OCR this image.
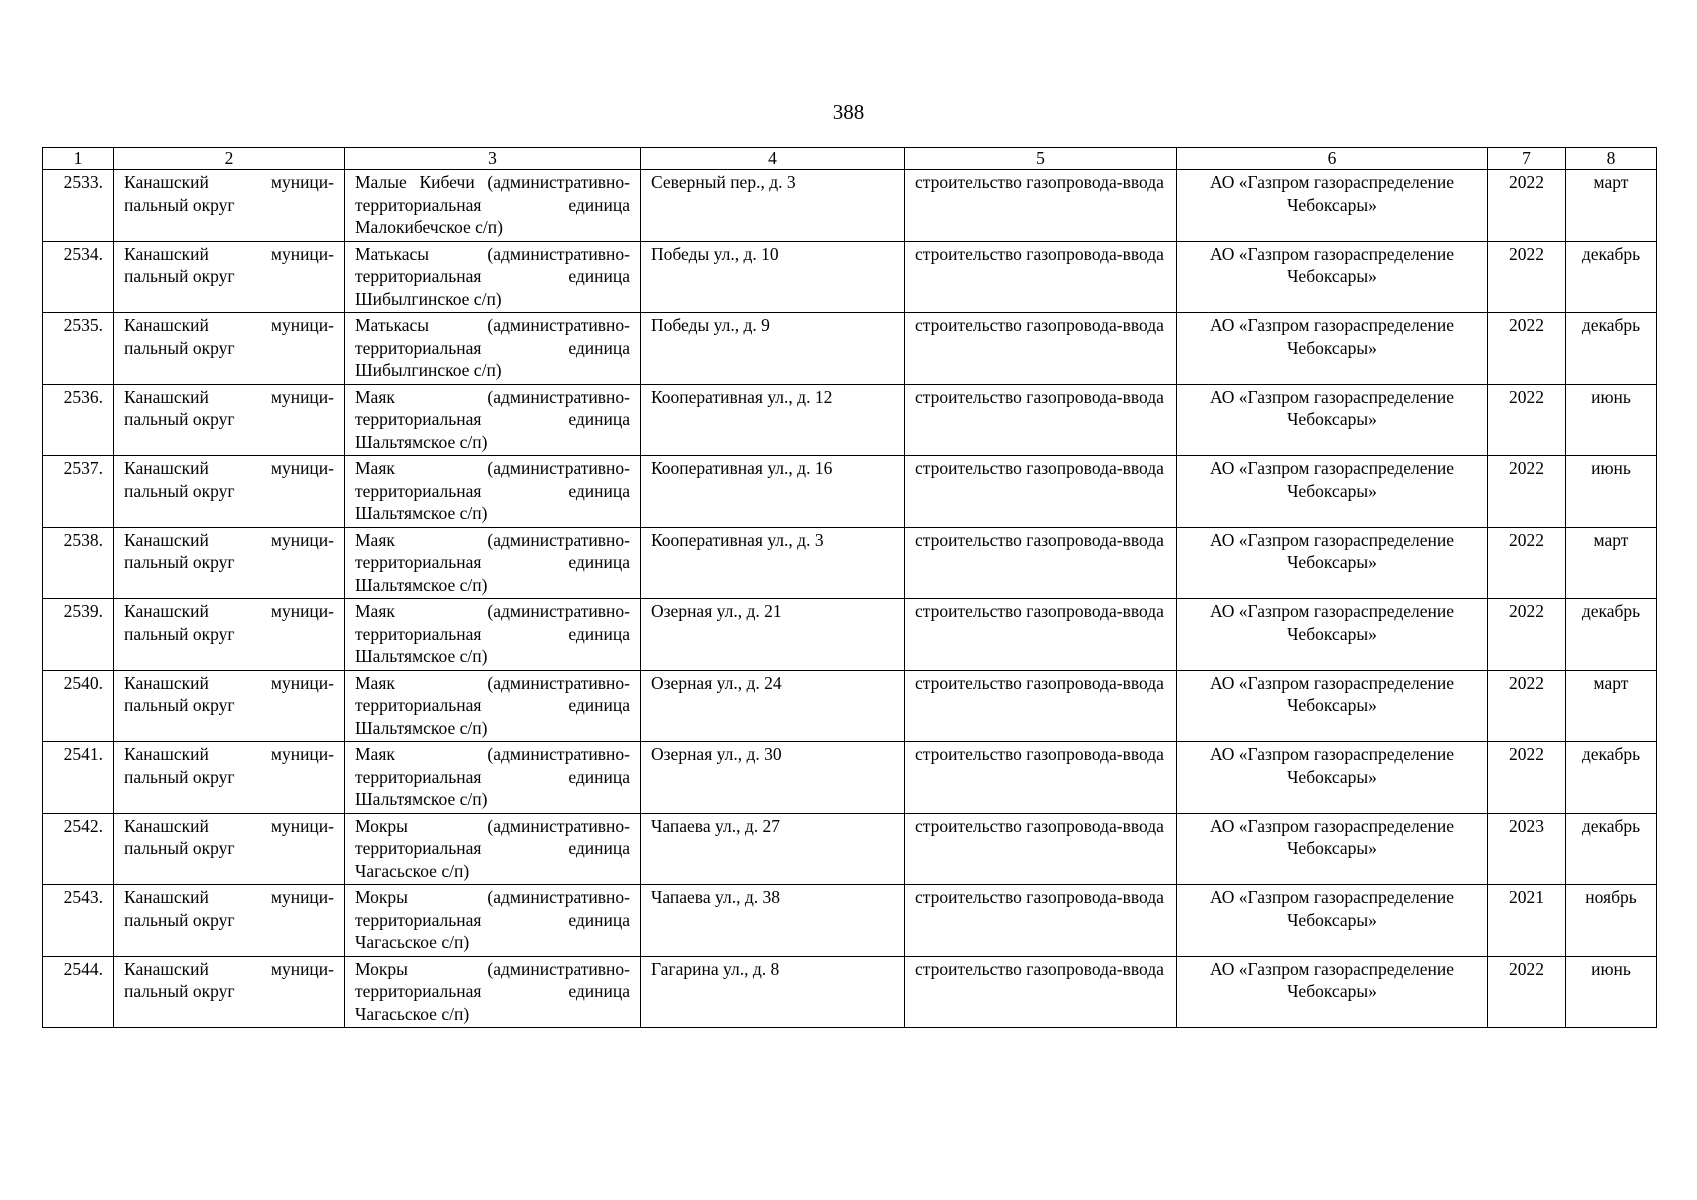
388
1	2	3	4	5	6	7	8
2533.	Канашский муници-пальный округ	Малые Кибечи (административно-территориальная единица Малокибечское с/п)	Северный пер., д. 3	строительство газопровода-ввода	АО «Газпром газораспределение Чебоксары»	2022	март
2534.	Канашский муници-пальный округ	Матькасы (административно-территориальная единица Шибылгинское с/п)	Победы ул., д. 10	строительство газопровода-ввода	АО «Газпром газораспределение Чебоксары»	2022	декабрь
2535.	Канашский муници-пальный округ	Матькасы (административно-территориальная единица Шибылгинское с/п)	Победы ул., д. 9	строительство газопровода-ввода	АО «Газпром газораспределение Чебоксары»	2022	декабрь
2536.	Канашский муници-пальный округ	Маяк (административно-территориальная единица Шальтямское с/п)	Кооперативная ул., д. 12	строительство газопровода-ввода	АО «Газпром газораспределение Чебоксары»	2022	июнь
2537.	Канашский муници-пальный округ	Маяк (административно-территориальная единица Шальтямское с/п)	Кооперативная ул., д. 16	строительство газопровода-ввода	АО «Газпром газораспределение Чебоксары»	2022	июнь
2538.	Канашский муници-пальный округ	Маяк (административно-территориальная единица Шальтямское с/п)	Кооперативная ул., д. 3	строительство газопровода-ввода	АО «Газпром газораспределение Чебоксары»	2022	март
2539.	Канашский муници-пальный округ	Маяк (административно-территориальная единица Шальтямское с/п)	Озерная ул., д. 21	строительство газопровода-ввода	АО «Газпром газораспределение Чебоксары»	2022	декабрь
2540.	Канашский муници-пальный округ	Маяк (административно-территориальная единица Шальтямское с/п)	Озерная ул., д. 24	строительство газопровода-ввода	АО «Газпром газораспределение Чебоксары»	2022	март
2541.	Канашский муници-пальный округ	Маяк (административно-территориальная единица Шальтямское с/п)	Озерная ул., д. 30	строительство газопровода-ввода	АО «Газпром газораспределение Чебоксары»	2022	декабрь
2542.	Канашский муници-пальный округ	Мокры (административно-территориальная единица Чагасьское с/п)	Чапаева ул., д. 27	строительство газопровода-ввода	АО «Газпром газораспределение Чебоксары»	2023	декабрь
2543.	Канашский муници-пальный округ	Мокры (административно-территориальная единица Чагасьское с/п)	Чапаева ул., д. 38	строительство газопровода-ввода	АО «Газпром газораспределение Чебоксары»	2021	ноябрь
2544.	Канашский муници-пальный округ	Мокры (административно-территориальная единица Чагасьское с/п)	Гагарина ул., д. 8	строительство газопровода-ввода	АО «Газпром газораспределение Чебоксары»	2022	июнь
